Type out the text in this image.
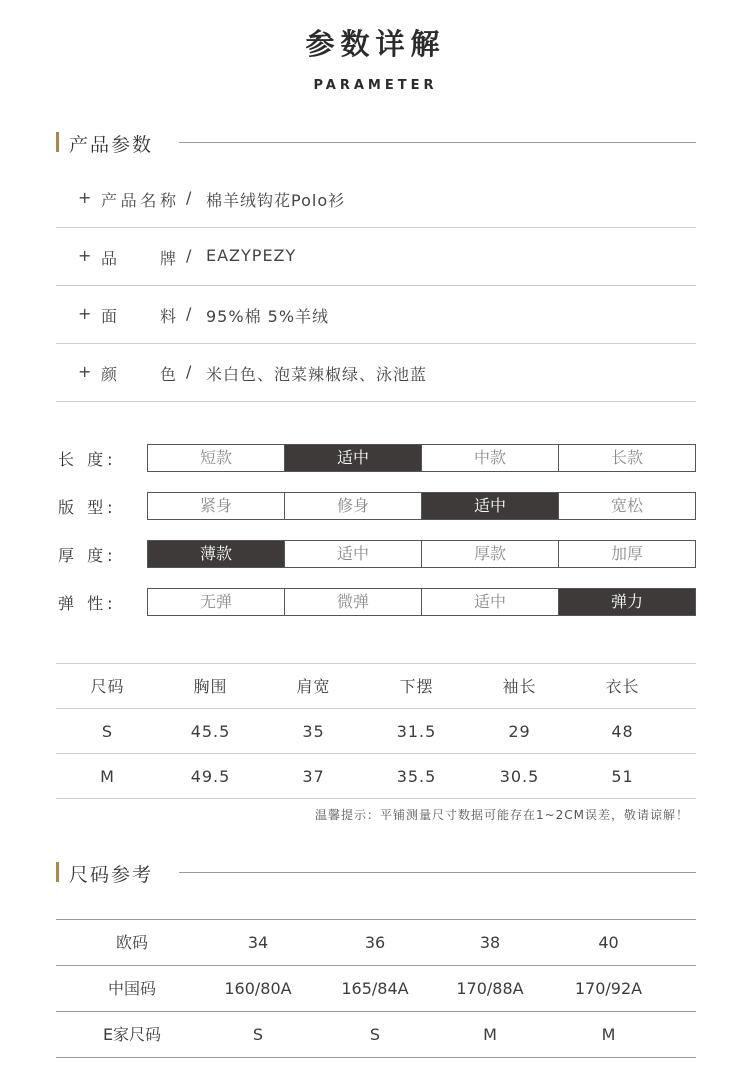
参数详解
PARAMETER
产品参数
+ 产 品 名 称 / 棉羊绒钩花Polo衫
+ 品	牌 / EAZYPEZY
+ 面	料 / 95%棉 5%羊绒
+ 颜	色 / 米白色、泡菜辣椒绿、泳池蓝
长 度:	短款	适中	中款	长款
版 型:	紧身	修身	适中	宽松
厚 度:	薄款	适中	厚款	加厚
弹 性:	无弹	微弹	适中	弹力
尺码	胸围	肩宽	下摆	袖长	衣长
S	45.5	35	31.5	29	48
M	49.5	37	35.5	30.5	51
温馨提示：平铺测量尺寸数据可能存在1~2CM误差，敬请谅解！
尺码参考
欧码	34	36	38	40
中国码	160/80A	165/84A	170/88A	170/92A
E家尺码	S	S	M	M
